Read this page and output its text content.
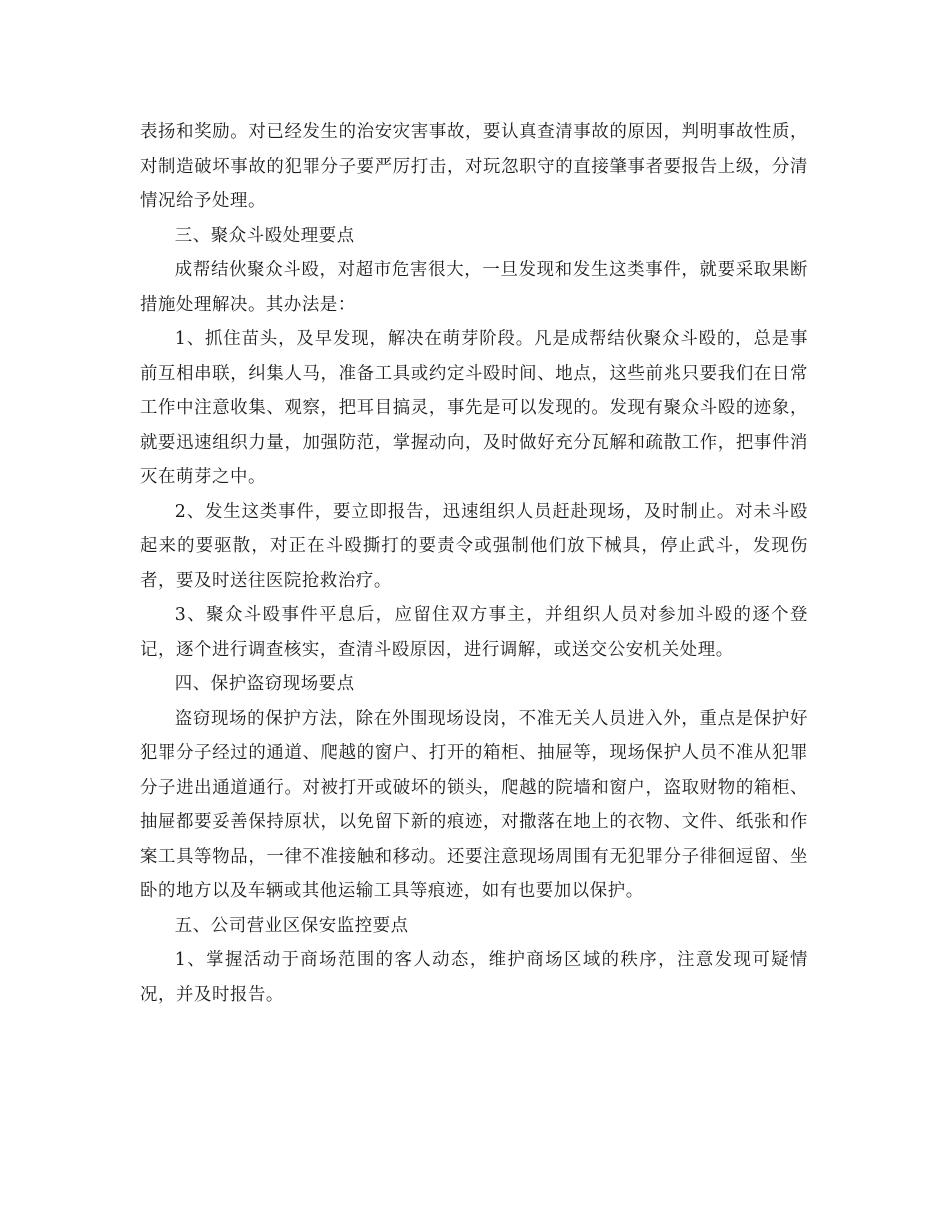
表扬和奖励。对已经发生的治安灾害事故，要认真查清事故的原因，判明事故性质，对制造破坏事故的犯罪分子要严厉打击，对玩忽职守的直接肇事者要报告上级，分清情况给予处理。

三、聚众斗殴处理要点

成帮结伙聚众斗殴，对超市危害很大，一旦发现和发生这类事件，就要采取果断措施处理解决。其办法是：

1、抓住苗头，及早发现，解决在萌芽阶段。凡是成帮结伙聚众斗殴的，总是事前互相串联，纠集人马，准备工具或约定斗殴时间、地点，这些前兆只要我们在日常工作中注意收集、观察，把耳目搞灵，事先是可以发现的。发现有聚众斗殴的迹象，就要迅速组织力量，加强防范，掌握动向，及时做好充分瓦解和疏散工作，把事件消灭在萌芽之中。

2、发生这类事件，要立即报告，迅速组织人员赶赴现场，及时制止。对未斗殴起来的要驱散，对正在斗殴撕打的要责令或强制他们放下械具，停止武斗，发现伤者，要及时送往医院抢救治疗。

3、聚众斗殴事件平息后，应留住双方事主，并组织人员对参加斗殴的逐个登记，逐个进行调查核实，查清斗殴原因，进行调解，或送交公安机关处理。

四、保护盗窃现场要点

盗窃现场的保护方法，除在外围现场设岗，不准无关人员进入外，重点是保护好犯罪分子经过的通道、爬越的窗户、打开的箱柜、抽屉等，现场保护人员不准从犯罪分子进出通道通行。对被打开或破坏的锁头，爬越的院墙和窗户，盗取财物的箱柜、抽屉都要妥善保持原状，以免留下新的痕迹，对撒落在地上的衣物、文件、纸张和作案工具等物品，一律不准接触和移动。还要注意现场周围有无犯罪分子徘徊逗留、坐卧的地方以及车辆或其他运输工具等痕迹，如有也要加以保护。

五、公司营业区保安监控要点

1、掌握活动于商场范围的客人动态，维护商场区域的秩序，注意发现可疑情况，并及时报告。
